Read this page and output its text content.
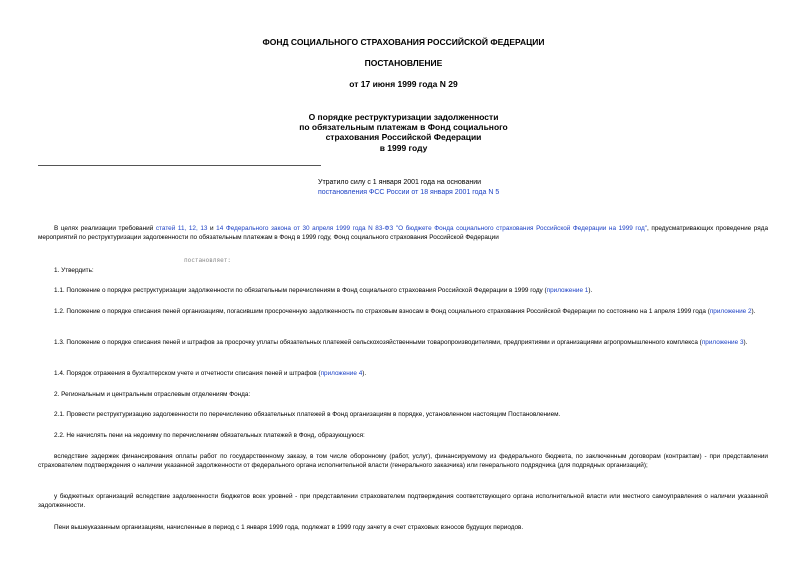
ФОНД СОЦИАЛЬНОГО СТРАХОВАНИЯ РОССИЙСКОЙ ФЕДЕРАЦИИ
ПОСТАНОВЛЕНИЕ
от 17 июня 1999 года N 29
О порядке реструктуризации задолженности
по обязательным платежам в Фонд социального
страхования Российской Федерации
в 1999 году
Утратило силу с 1 января 2001 года на основании
постановления ФСС России от 18 января 2001 года N 5

В целях реализации требований статей 11, 12, 13 и 14 Федерального закона от 30 апреля 1999 года N 83-ФЗ "О бюджете Фонда социального страхования Российской Федерации на 1999 год", предусматривающих проведение ряда мероприятий по реструктуризации задолженности по обязательным платежам в Фонд в 1999 году, Фонд социального страхования Российской Федерации

постановляет:

1. Утвердить:

1.1. Положение о порядке реструктуризации задолженности по обязательным перечислениям в Фонд социального страхования Российской Федерации в 1999 году (приложение 1).

1.2. Положение о порядке списания пеней организациям, погасившим просроченную задолженность по страховым взносам в Фонд социального страхования Российской Федерации по состоянию на 1 апреля 1999 года (приложение 2).

1.3. Положение о порядке списания пеней и штрафов за просрочку уплаты обязательных платежей сельскохозяйственными товаропроизводителями, предприятиями и организациями агропромышленного комплекса (приложение 3).

1.4. Порядок отражения в бухгалтерском учете и отчетности списания пеней и штрафов (приложение 4).

2. Региональным и центральным отраслевым отделениям Фонда:

2.1. Провести реструктуризацию задолженности по перечислению обязательных платежей в Фонд организациям в порядке, установленном настоящим Постановлением.

2.2. Не начислять пени на недоимку по перечислениям обязательных платежей в Фонд, образующуюся:

вследствие задержек финансирования оплаты работ по государственному заказу, в том числе оборонному (работ, услуг), финансируемому из федерального бюджета, по заключенным договорам (контрактам) - при представлении страхователем подтверждения о наличии указанной задолженности от федерального органа исполнительной власти (генерального заказчика) или генерального подрядчика (для подрядных организаций);

у бюджетных организаций вследствие задолженности бюджетов всех уровней - при представлении страхователем подтверждения соответствующего органа исполнительной власти или местного самоуправления о наличии указанной задолженности.

Пени вышеуказанным организациям, начисленные в период с 1 января 1999 года, подлежат в 1999 году зачету в счет страховых взносов будущих периодов.
